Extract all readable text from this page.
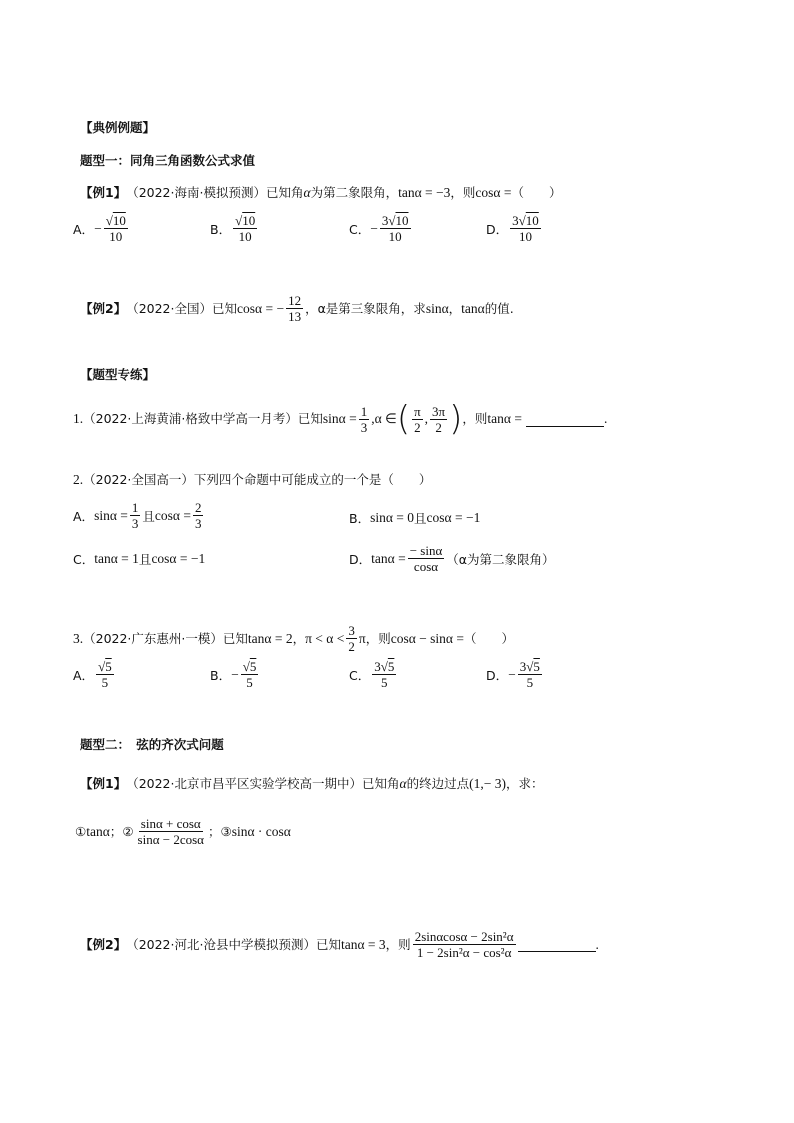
【典例例题】
题型一：同角三角函数公式求值
【例1】 （2022·海南·模拟预测） 已知角 α 为第二象限角， tanα = −3 ，则 cosα = （　　）
A． − $\frac{√10}{10}$	B． $\frac{√10}{10}$	C． − $\frac{3√10}{10}$	D． $\frac{3√10}{10}$
【例2】 （2022·全国） 已知 cosα = − $\frac{12}{13}$ ，α是第三象限角，求 sinα ， tanα 的值.
【题型专练】
1. （2022·上海黄浦·格致中学高一月考） 已知 $\sin\alpha = \frac{1}{3} ,\alpha$ ∈ ( $\frac{\pi}{2}$ , $\frac{3\pi}{2}$ ) ，则 tanα =	.
2. （2022·全国高一） 下列四个命题中可能成立的一个是（　　）
A． $\sin\alpha = \frac{1}{3}$ 且 $\cos\alpha = \frac{2}{3}$	B． sinα = 0 且 cosα = −1
C． tanα = 1 且 cosα = −1	D． $\tan\alpha = \frac{- \sin\alpha}{\cos\alpha} (\alpha$为第二象限角）
3. （2022·广东惠州·一模） 已知 tanα = 2 ， $\pi < \alpha < \frac{3}{2}$ π ，则 cosα − sinα = （　　）
A． $\frac{√5}{5}$	B． − $\frac{√5}{5}$	C． $\frac{3√5}{5}$	D． − $\frac{3√5}{5}$
题型二：　弦的齐次式问题
【例1】 （2022·北京市昌平区实验学校高一期中） 已知角 α 的终边过点 (1,− 3) ，求：
① tanα ； ② $\frac{\sin\alpha + \cos\alpha}{\sin\alpha - 2\cos\alpha}$ ； ③ sinα · cosα
【例2】 （2022·河北·沧县中学模拟预测） 已知 tanα = 3 ，则 $\frac{\text{2sinαcosα − 2sin²α}}{\text{1 − 2sin²α − cos²α}}$	.
